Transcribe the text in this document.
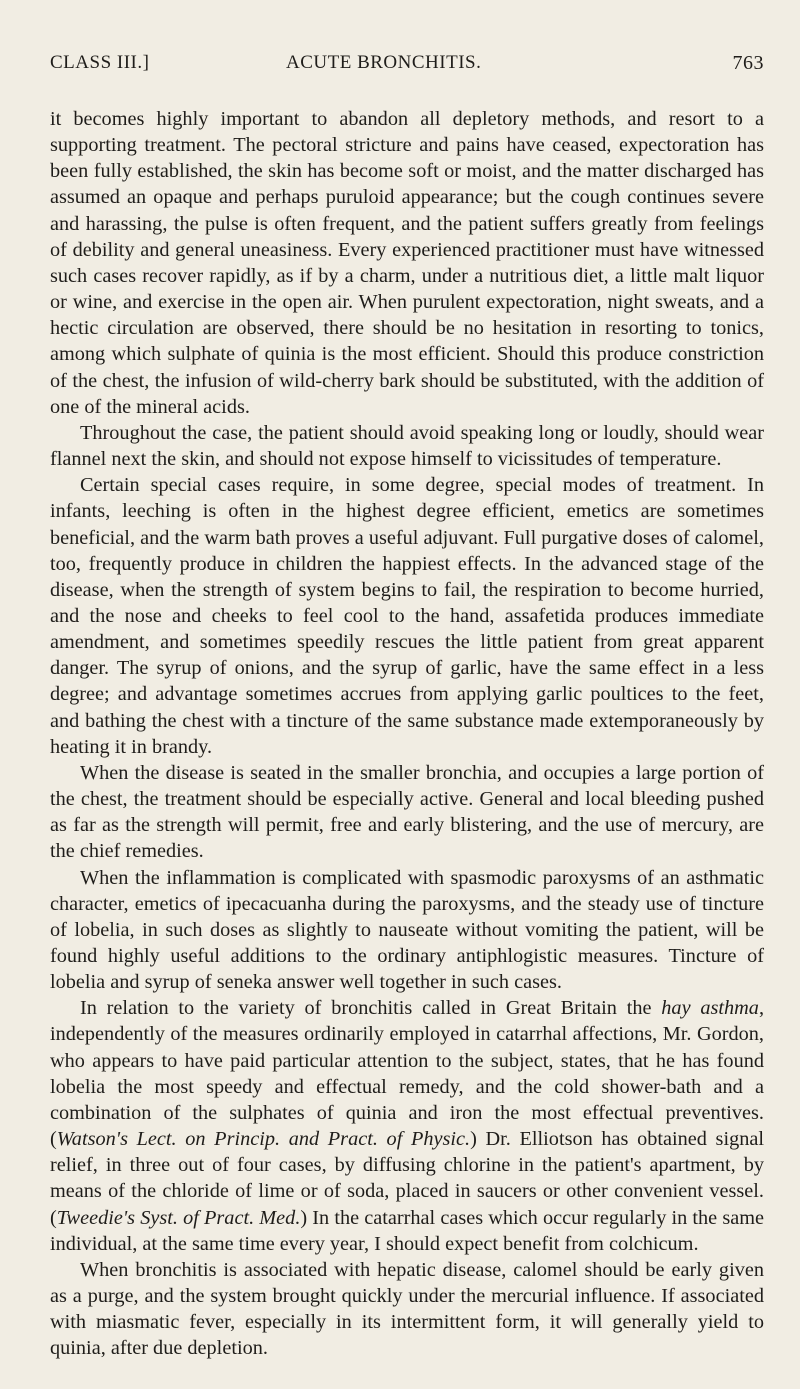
CLASS III.]	ACUTE BRONCHITIS.	763

it becomes highly important to abandon all depletory methods, and resort to a supporting treatment. The pectoral stricture and pains have ceased, expectoration has been fully established, the skin has become soft or moist, and the matter discharged has assumed an opaque and perhaps puruloid appearance; but the cough continues severe and harassing, the pulse is often frequent, and the patient suffers greatly from feelings of debility and general uneasiness. Every experienced practitioner must have witnessed such cases recover rapidly, as if by a charm, under a nutritious diet, a little malt liquor or wine, and exercise in the open air. When purulent expectoration, night sweats, and a hectic circulation are observed, there should be no hesitation in resorting to tonics, among which sulphate of quinia is the most efficient. Should this produce constriction of the chest, the infusion of wild-cherry bark should be substituted, with the addition of one of the mineral acids.

Throughout the case, the patient should avoid speaking long or loudly, should wear flannel next the skin, and should not expose himself to vicissitudes of temperature.

Certain special cases require, in some degree, special modes of treatment. In infants, leeching is often in the highest degree efficient, emetics are sometimes beneficial, and the warm bath proves a useful adjuvant. Full purgative doses of calomel, too, frequently produce in children the happiest effects. In the advanced stage of the disease, when the strength of system begins to fail, the respiration to become hurried, and the nose and cheeks to feel cool to the hand, assafetida produces immediate amendment, and sometimes speedily rescues the little patient from great apparent danger. The syrup of onions, and the syrup of garlic, have the same effect in a less degree; and advantage sometimes accrues from applying garlic poultices to the feet, and bathing the chest with a tincture of the same substance made extemporaneously by heating it in brandy.

When the disease is seated in the smaller bronchia, and occupies a large portion of the chest, the treatment should be especially active. General and local bleeding pushed as far as the strength will permit, free and early blistering, and the use of mercury, are the chief remedies.

When the inflammation is complicated with spasmodic paroxysms of an asthmatic character, emetics of ipecacuanha during the paroxysms, and the steady use of tincture of lobelia, in such doses as slightly to nauseate without vomiting the patient, will be found highly useful additions to the ordinary antiphlogistic measures. Tincture of lobelia and syrup of seneka answer well together in such cases.

In relation to the variety of bronchitis called in Great Britain the hay asthma, independently of the measures ordinarily employed in catarrhal affections, Mr. Gordon, who appears to have paid particular attention to the subject, states, that he has found lobelia the most speedy and effectual remedy, and the cold shower-bath and a combination of the sulphates of quinia and iron the most effectual preventives. (Watson's Lect. on Princip. and Pract. of Physic.) Dr. Elliotson has obtained signal relief, in three out of four cases, by diffusing chlorine in the patient's apartment, by means of the chloride of lime or of soda, placed in saucers or other convenient vessel. (Tweedie's Syst. of Pract. Med.) In the catarrhal cases which occur regularly in the same individual, at the same time every year, I should expect benefit from colchicum.

When bronchitis is associated with hepatic disease, calomel should be early given as a purge, and the system brought quickly under the mercurial influence. If associated with miasmatic fever, especially in its intermittent form, it will generally yield to quinia, after due depletion.
